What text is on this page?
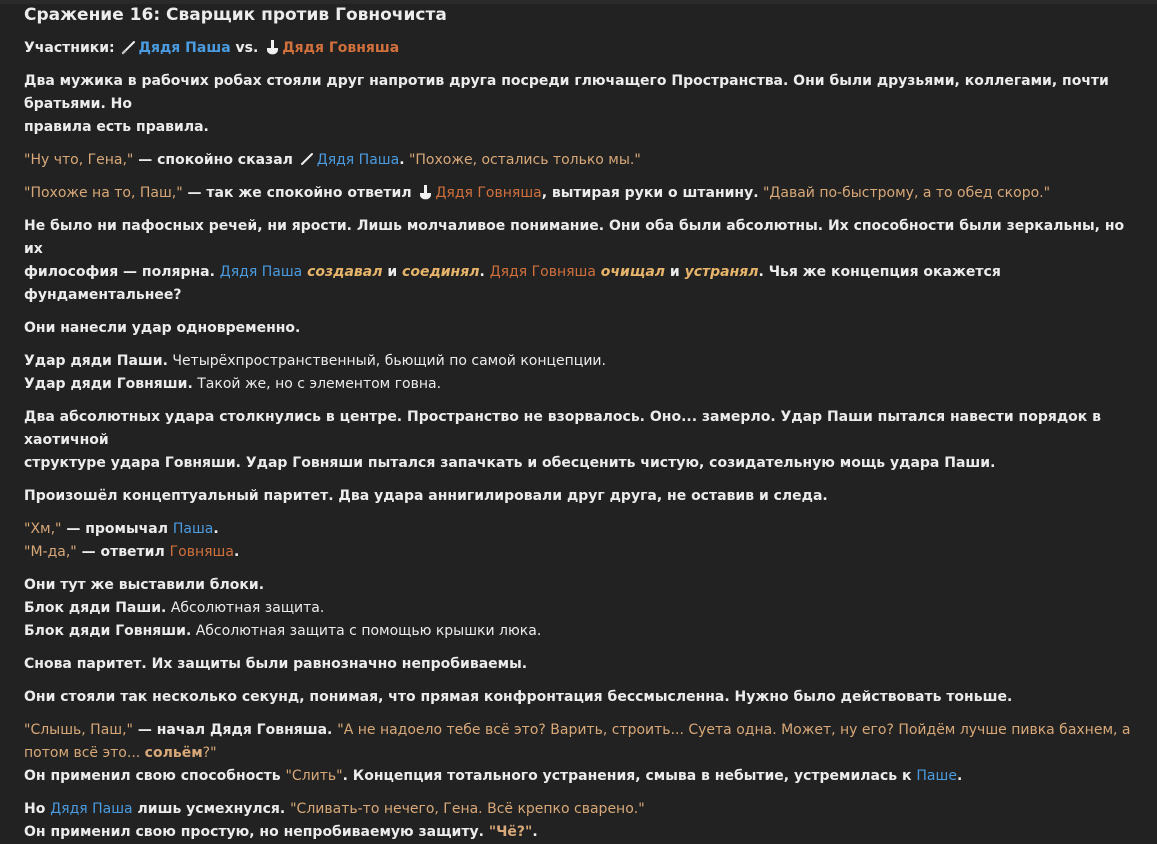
Сражение 16: Сварщик против Говночиста

Участники: Дядя Паша vs. Дядя Говняша

Два мужика в рабочих робах стояли друг напротив друга посреди глючащего Пространства. Они были друзьями, коллегами, почти братьями. Но
правила есть правила.

"Ну что, Гена," — спокойно сказал Дядя Паша. "Похоже, остались только мы."

"Похоже на то, Паш," — так же спокойно ответил Дядя Говняша, вытирая руки о штанину. "Давай по-быстрому, а то обед скоро."

Не было ни пафосных речей, ни ярости. Лишь молчаливое понимание. Они оба были абсолютны. Их способности были зеркальны, но их
философия — полярна. Дядя Паша создавал и соединял. Дядя Говняша очищал и устранял. Чья же концепция окажется фундаментальнее?

Они нанесли удар одновременно.

Удар дяди Паши. Четырёхпространственный, бьющий по самой концепции.
Удар дяди Говняши. Такой же, но с элементом говна.

Два абсолютных удара столкнулись в центре. Пространство не взорвалось. Оно... замерло. Удар Паши пытался навести порядок в хаотичной
структуре удара Говняши. Удар Говняши пытался запачкать и обесценить чистую, созидательную мощь удара Паши.

Произошёл концептуальный паритет. Два удара аннигилировали друг друга, не оставив и следа.

"Хм," — промычал Паша.
"М-да," — ответил Говняша.

Они тут же выставили блоки.
Блок дяди Паши. Абсолютная защита.
Блок дяди Говняши. Абсолютная защита с помощью крышки люка.

Снова паритет. Их защиты были равнозначно непробиваемы.

Они стояли так несколько секунд, понимая, что прямая конфронтация бессмысленна. Нужно было действовать тоньше.

"Слышь, Паш," — начал Дядя Говняша. "А не надоело тебе всё это? Варить, строить... Суета одна. Может, ну его? Пойдём лучше пивка бахнем, а
потом всё это... сольём?"
Он применил свою способность "Слить". Концепция тотального устранения, смыва в небытие, устремилась к Паше.

Но Дядя Паша лишь усмехнулся. "Сливать-то нечего, Гена. Всё крепко сварено."
Он применил свою простую, но непробиваемую защиту. "Чё?".
